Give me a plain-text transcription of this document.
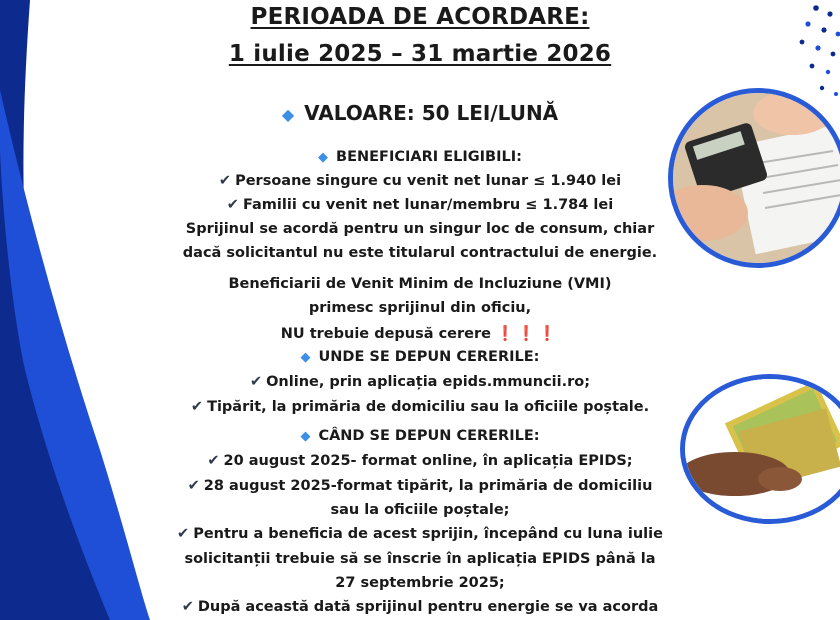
PERIOADA DE ACORDARE:
1 iulie 2025 – 31 martie 2026
◆ VALOARE: 50 LEI/LUNĂ
◆ BENEFICIARI ELIGIBILI:
✔ Persoane singure cu venit net lunar ≤ 1.940 lei
✔ Familii cu venit net lunar/membru ≤ 1.784 lei
Sprijinul se acordă pentru un singur loc de consum, chiar
dacă solicitantul nu este titularul contractului de energie.
Beneficiarii de Venit Minim de Incluziune (VMI)
primesc sprijinul din oficiu,
NU trebuie depusă cerere ❗❗❗
◆ UNDE SE DEPUN CERERILE:
✔ Online, prin aplicația epids.mmuncii.ro;
✔ Tipărit, la primăria de domiciliu sau la oficiile poștale.
◆ CÂND SE DEPUN CERERILE:
✔ 20 august 2025- format online, în aplicația EPIDS;
✔ 28 august 2025-format tipărit, la primăria de domiciliu
sau la oficiile poștale;
✔ Pentru a beneficia de acest sprijin, începând cu luna iulie
solicitanții trebuie să se înscrie în aplicația EPIDS până la
27 septembrie 2025;
✔ După această dată sprijinul pentru energie se va acorda
